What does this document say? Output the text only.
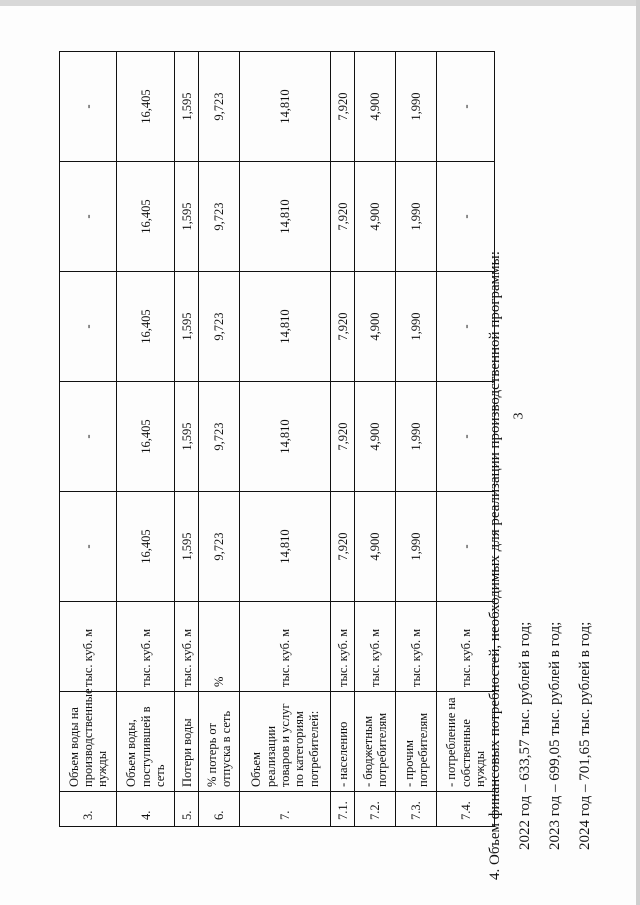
3
3.	Объем воды на производственные нужды	тыс. куб. м	-	-	-	-	-
4.	Объем воды, поступившей в сеть	тыс. куб. м	16,405	16,405	16,405	16,405	16,405
5.	Потери воды	тыс. куб. м	1,595	1,595	1,595	1,595	1,595
6.	% потерь от отпуска в сеть	%	9,723	9,723	9,723	9,723	9,723
7.	Объем реализации товаров и услуг по категориям потребителей:	тыс. куб. м	14,810	14,810	14,810	14,810	14,810
7.1.	- населению	тыс. куб. м	7,920	7,920	7,920	7,920	7,920
7.2.	- бюджетным потребителям	тыс. куб. м	4,900	4,900	4,900	4,900	4,900
7.3.	- прочим потребителям	тыс. куб. м	1,990	1,990	1,990	1,990	1,990
7.4.	- потребление на собственные нужды	тыс. куб. м	-	-	-	-	-
4. Объем финансовых потребностей, необходимых для реализации производственной программы: 2022 год – 633,57 тыс. рублей в год; 2023 год – 699,05 тыс. рублей в год; 2024 год – 701,65 тыс. рублей в год;
